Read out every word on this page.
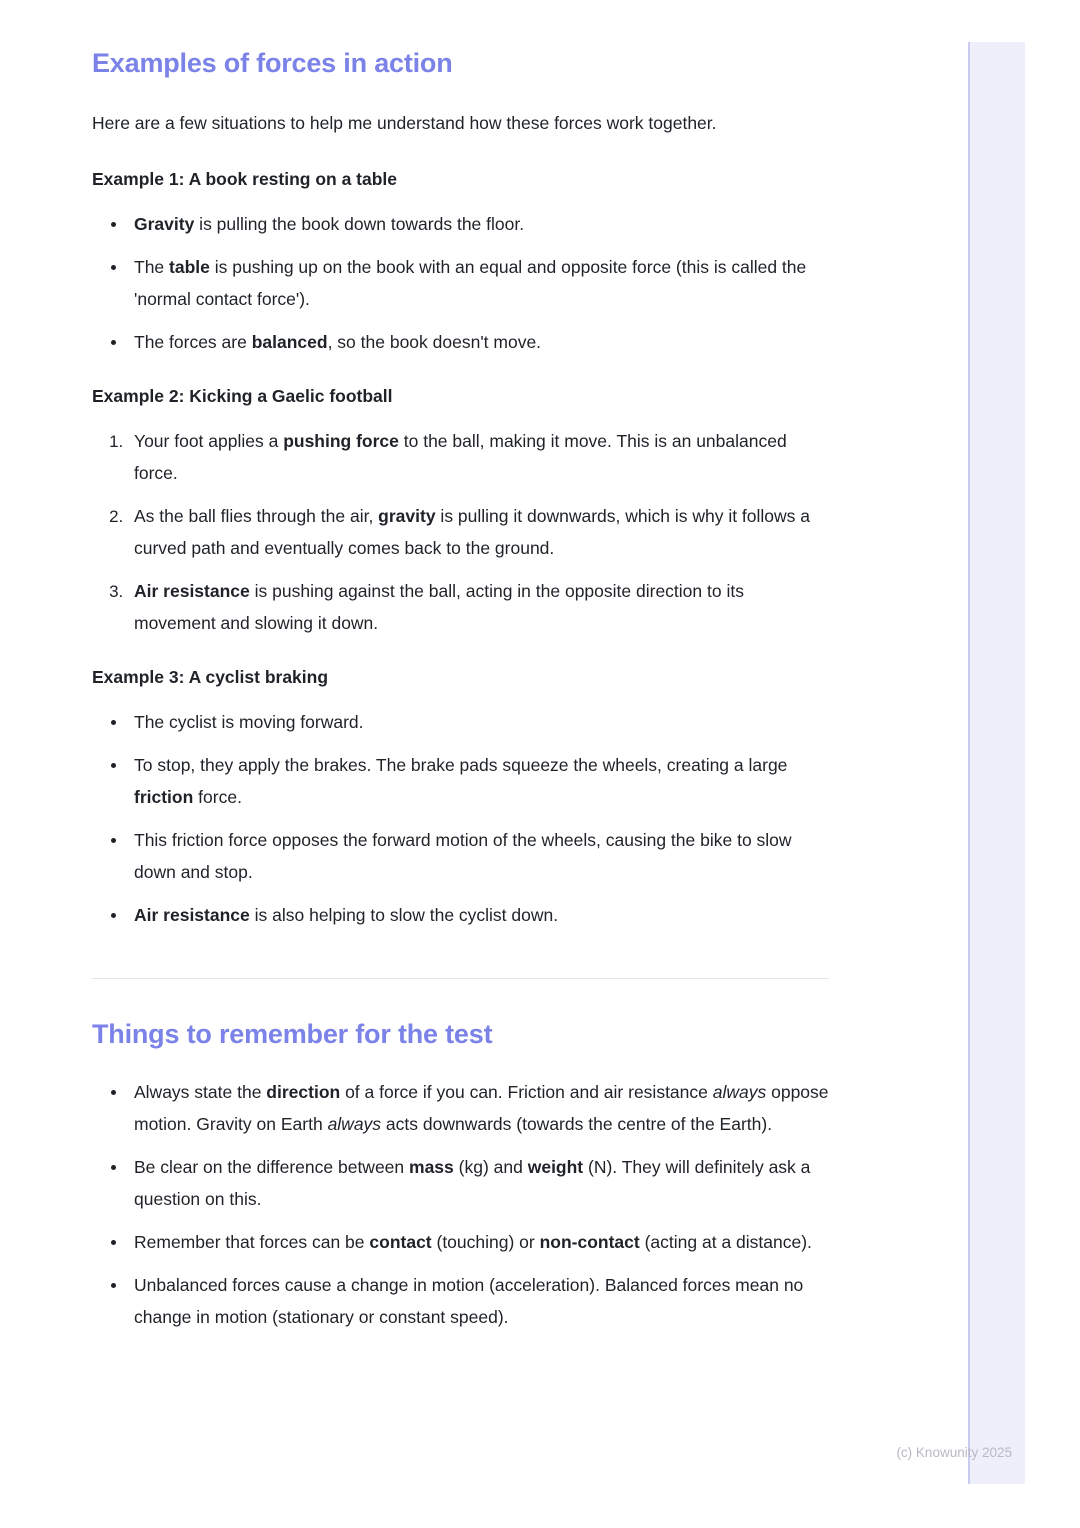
Examples of forces in action

Here are a few situations to help me understand how these forces work together.

Example 1: A book resting on a table
• Gravity is pulling the book down towards the floor.
• The table is pushing up on the book with an equal and opposite force (this is called the 'normal contact force').
• The forces are balanced, so the book doesn't move.
Example 2: Kicking a Gaelic football
1. Your foot applies a pushing force to the ball, making it move. This is an unbalanced force.
2. As the ball flies through the air, gravity is pulling it downwards, which is why it follows a curved path and eventually comes back to the ground.
3. Air resistance is pushing against the ball, acting in the opposite direction to its movement and slowing it down.
Example 3: A cyclist braking
• The cyclist is moving forward.
• To stop, they apply the brakes. The brake pads squeeze the wheels, creating a large friction force.
• This friction force opposes the forward motion of the wheels, causing the bike to slow down and stop.
• Air resistance is also helping to slow the cyclist down.
Things to remember for the test
• Always state the direction of a force if you can. Friction and air resistance always oppose motion. Gravity on Earth always acts downwards (towards the centre of the Earth).
• Be clear on the difference between mass (kg) and weight (N). They will definitely ask a question on this.
• Remember that forces can be contact (touching) or non-contact (acting at a distance).
• Unbalanced forces cause a change in motion (acceleration). Balanced forces mean no change in motion (stationary or constant speed).
(c) Knowunity 2025
